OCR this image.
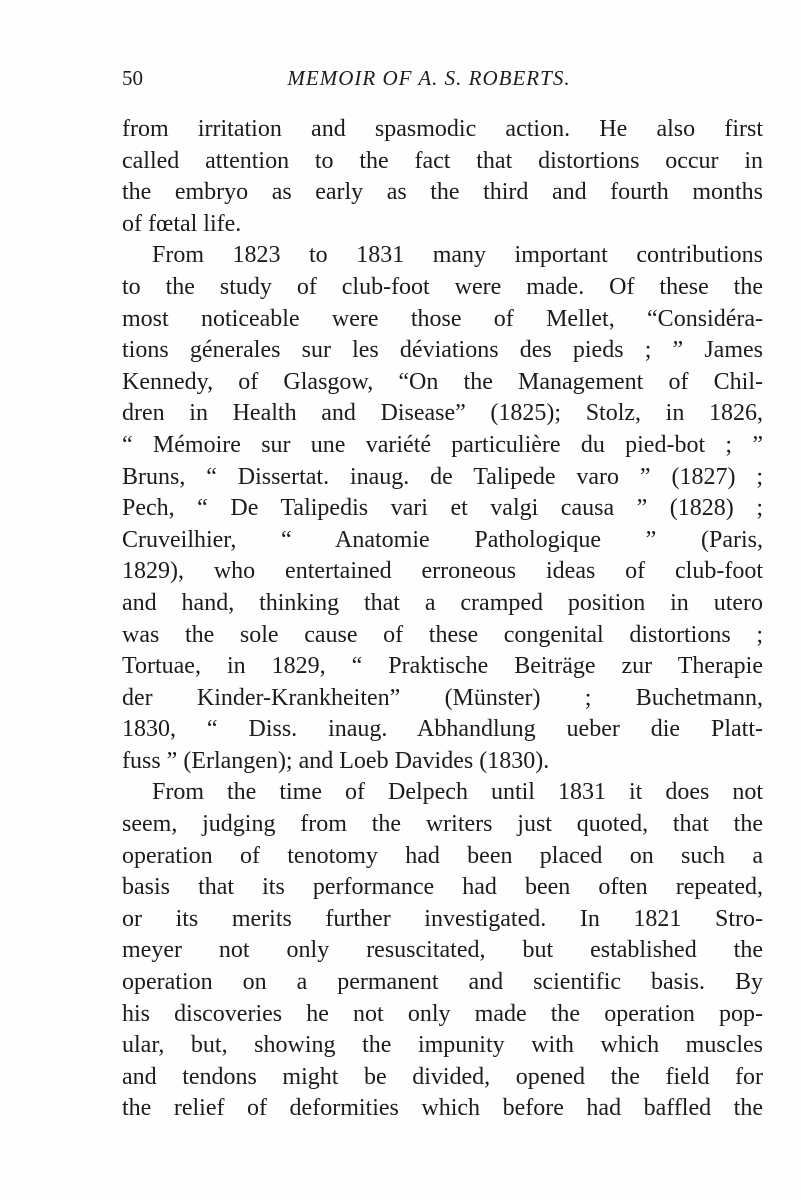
50	MEMOIR OF A. S. ROBERTS.
from irritation and spasmodic action. He also first
called attention to the fact that distortions occur in
the embryo as early as the third and fourth months
of fœtal life.
From 1823 to 1831 many important contributions
to the study of club-foot were made. Of these the
most noticeable were those of Mellet, “Considéra-
tions génerales sur les déviations des pieds ; ” James
Kennedy, of Glasgow, “On the Management of Chil-
dren in Health and Disease” (1825); Stolz, in 1826,
“ Mémoire sur une variété particulière du pied-bot ; ”
Bruns, “ Dissertat. inaug. de Talipede varo ” (1827) ;
Pech, “ De Talipedis vari et valgi causa ” (1828) ;
Cruveilhier, “ Anatomie Pathologique ” (Paris,
1829), who entertained erroneous ideas of club-foot
and hand, thinking that a cramped position in utero
was the sole cause of these congenital distortions ;
Tortuae, in 1829, “ Praktische Beiträge zur Therapie
der Kinder-Krankheiten” (Münster) ; Buchetmann,
1830, “ Diss. inaug. Abhandlung ueber die Platt-
fuss ” (Erlangen); and Loeb Davides (1830).
From the time of Delpech until 1831 it does not
seem, judging from the writers just quoted, that the
operation of tenotomy had been placed on such a
basis that its performance had been often repeated,
or its merits further investigated. In 1821 Stro-
meyer not only resuscitated, but established the
operation on a permanent and scientific basis. By
his discoveries he not only made the operation pop-
ular, but, showing the impunity with which muscles
and tendons might be divided, opened the field for
the relief of deformities which before had baffled the
